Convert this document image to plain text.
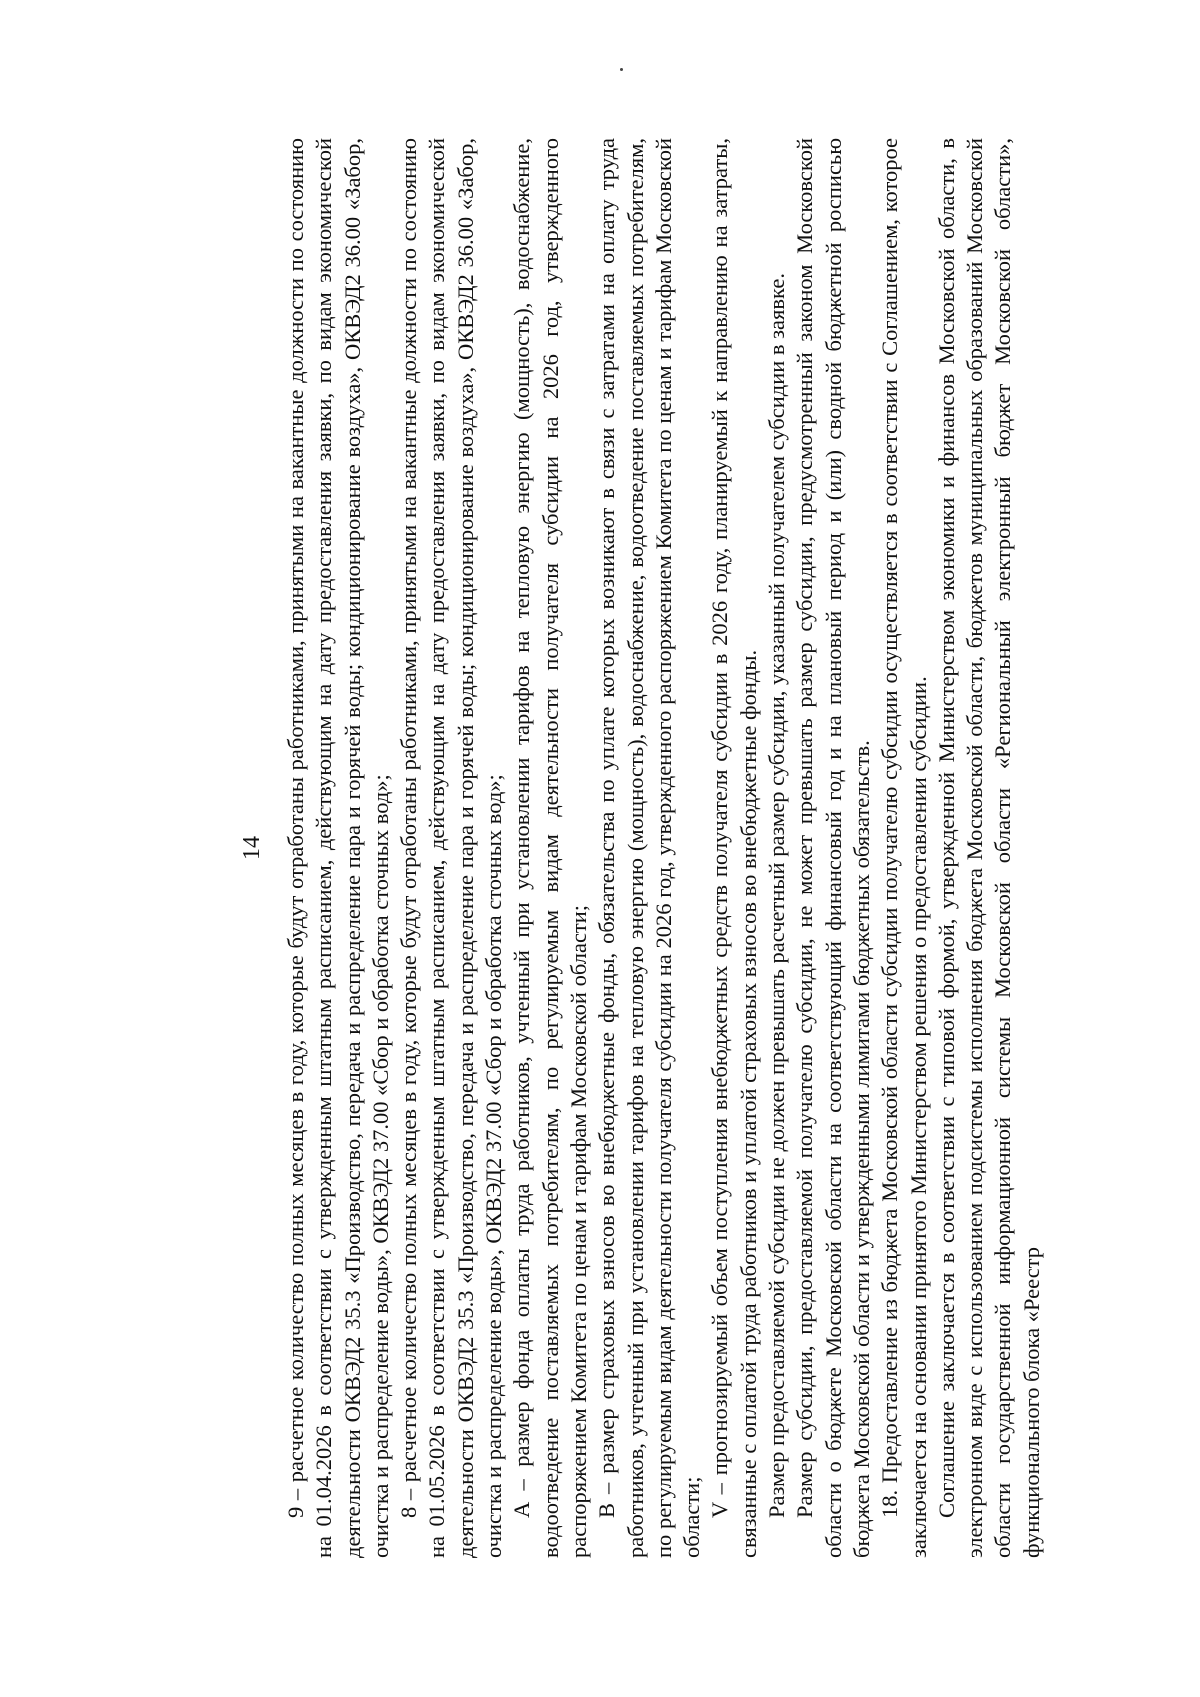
14 9 – расчетное количество полных месяцев в году, которые будут отработаны работниками, принятыми на вакантные должности по состоянию на 01.04.2026 в соответствии с утвержденным штатным расписанием, действующим на дату предоставления заявки, по видам экономической деятельности ОКВЭД2 35.3 «Производство, передача и распределение пара и горячей воды; кондиционирование воздуха», ОКВЭД2 36.00 «Забор, очистка и распределение воды», ОКВЭД2 37.00 «Сбор и обработка сточных вод»; 8 – расчетное количество полных месяцев в году, которые будут отработаны работниками, принятыми на вакантные должности по состоянию на 01.05.2026 в соответствии с утвержденным штатным расписанием, действующим на дату предоставления заявки, по видам экономической деятельности ОКВЭД2 35.3 «Производство, передача и распределение пара и горячей воды; кондиционирование воздуха», ОКВЭД2 36.00 «Забор, очистка и распределение воды», ОКВЭД2 37.00 «Сбор и обработка сточных вод»; A – размер фонда оплаты труда работников, учтенный при установлении тарифов на тепловую энергию (мощность), водоснабжение, водоотведение поставляемых потребителям, по регулируемым видам деятельности получателя субсидии на 2026 год, утвержденного распоряжением Комитета по ценам и тарифам Московской области; B – размер страховых взносов во внебюджетные фонды, обязательства по уплате которых возникают в связи с затратами на оплату труда работников, учтенный при установлении тарифов на тепловую энергию (мощность), водоснабжение, водоотведение поставляемых потребителям, по регулируемым видам деятельности получателя субсидии на 2026 год, утвержденного распоряжением Комитета по ценам и тарифам Московской области; V – прогнозируемый объем поступления внебюджетных средств получателя субсидии в 2026 году, планируемый к направлению на затраты, связанные с оплатой труда работников и уплатой страховых взносов во внебюджетные фонды. Размер предоставляемой субсидии не должен превышать расчетный размер субсидии, указанный получателем субсидии в заявке. Размер субсидии, предоставляемой получателю субсидии, не может превышать размер субсидии, предусмотренный законом Московской области о бюджете Московской области на соответствующий финансовый год и на плановый период и (или) сводной бюджетной росписью бюджета Московской области и утвержденными лимитами бюджетных обязательств. 18. Предоставление из бюджета Московской области субсидии получателю субсидии осуществляется в соответствии с Соглашением, которое заключается на основании принятого Министерством решения о предоставлении субсидии. Соглашение заключается в соответствии с типовой формой, утвержденной Министерством экономики и финансов Московской области, в электронном виде с использованием подсистемы исполнения бюджета Московской области, бюджетов муниципальных образований Московской области государственной информационной системы Московской области «Региональный электронный бюджет Московской области», функционального блока «Реестр
